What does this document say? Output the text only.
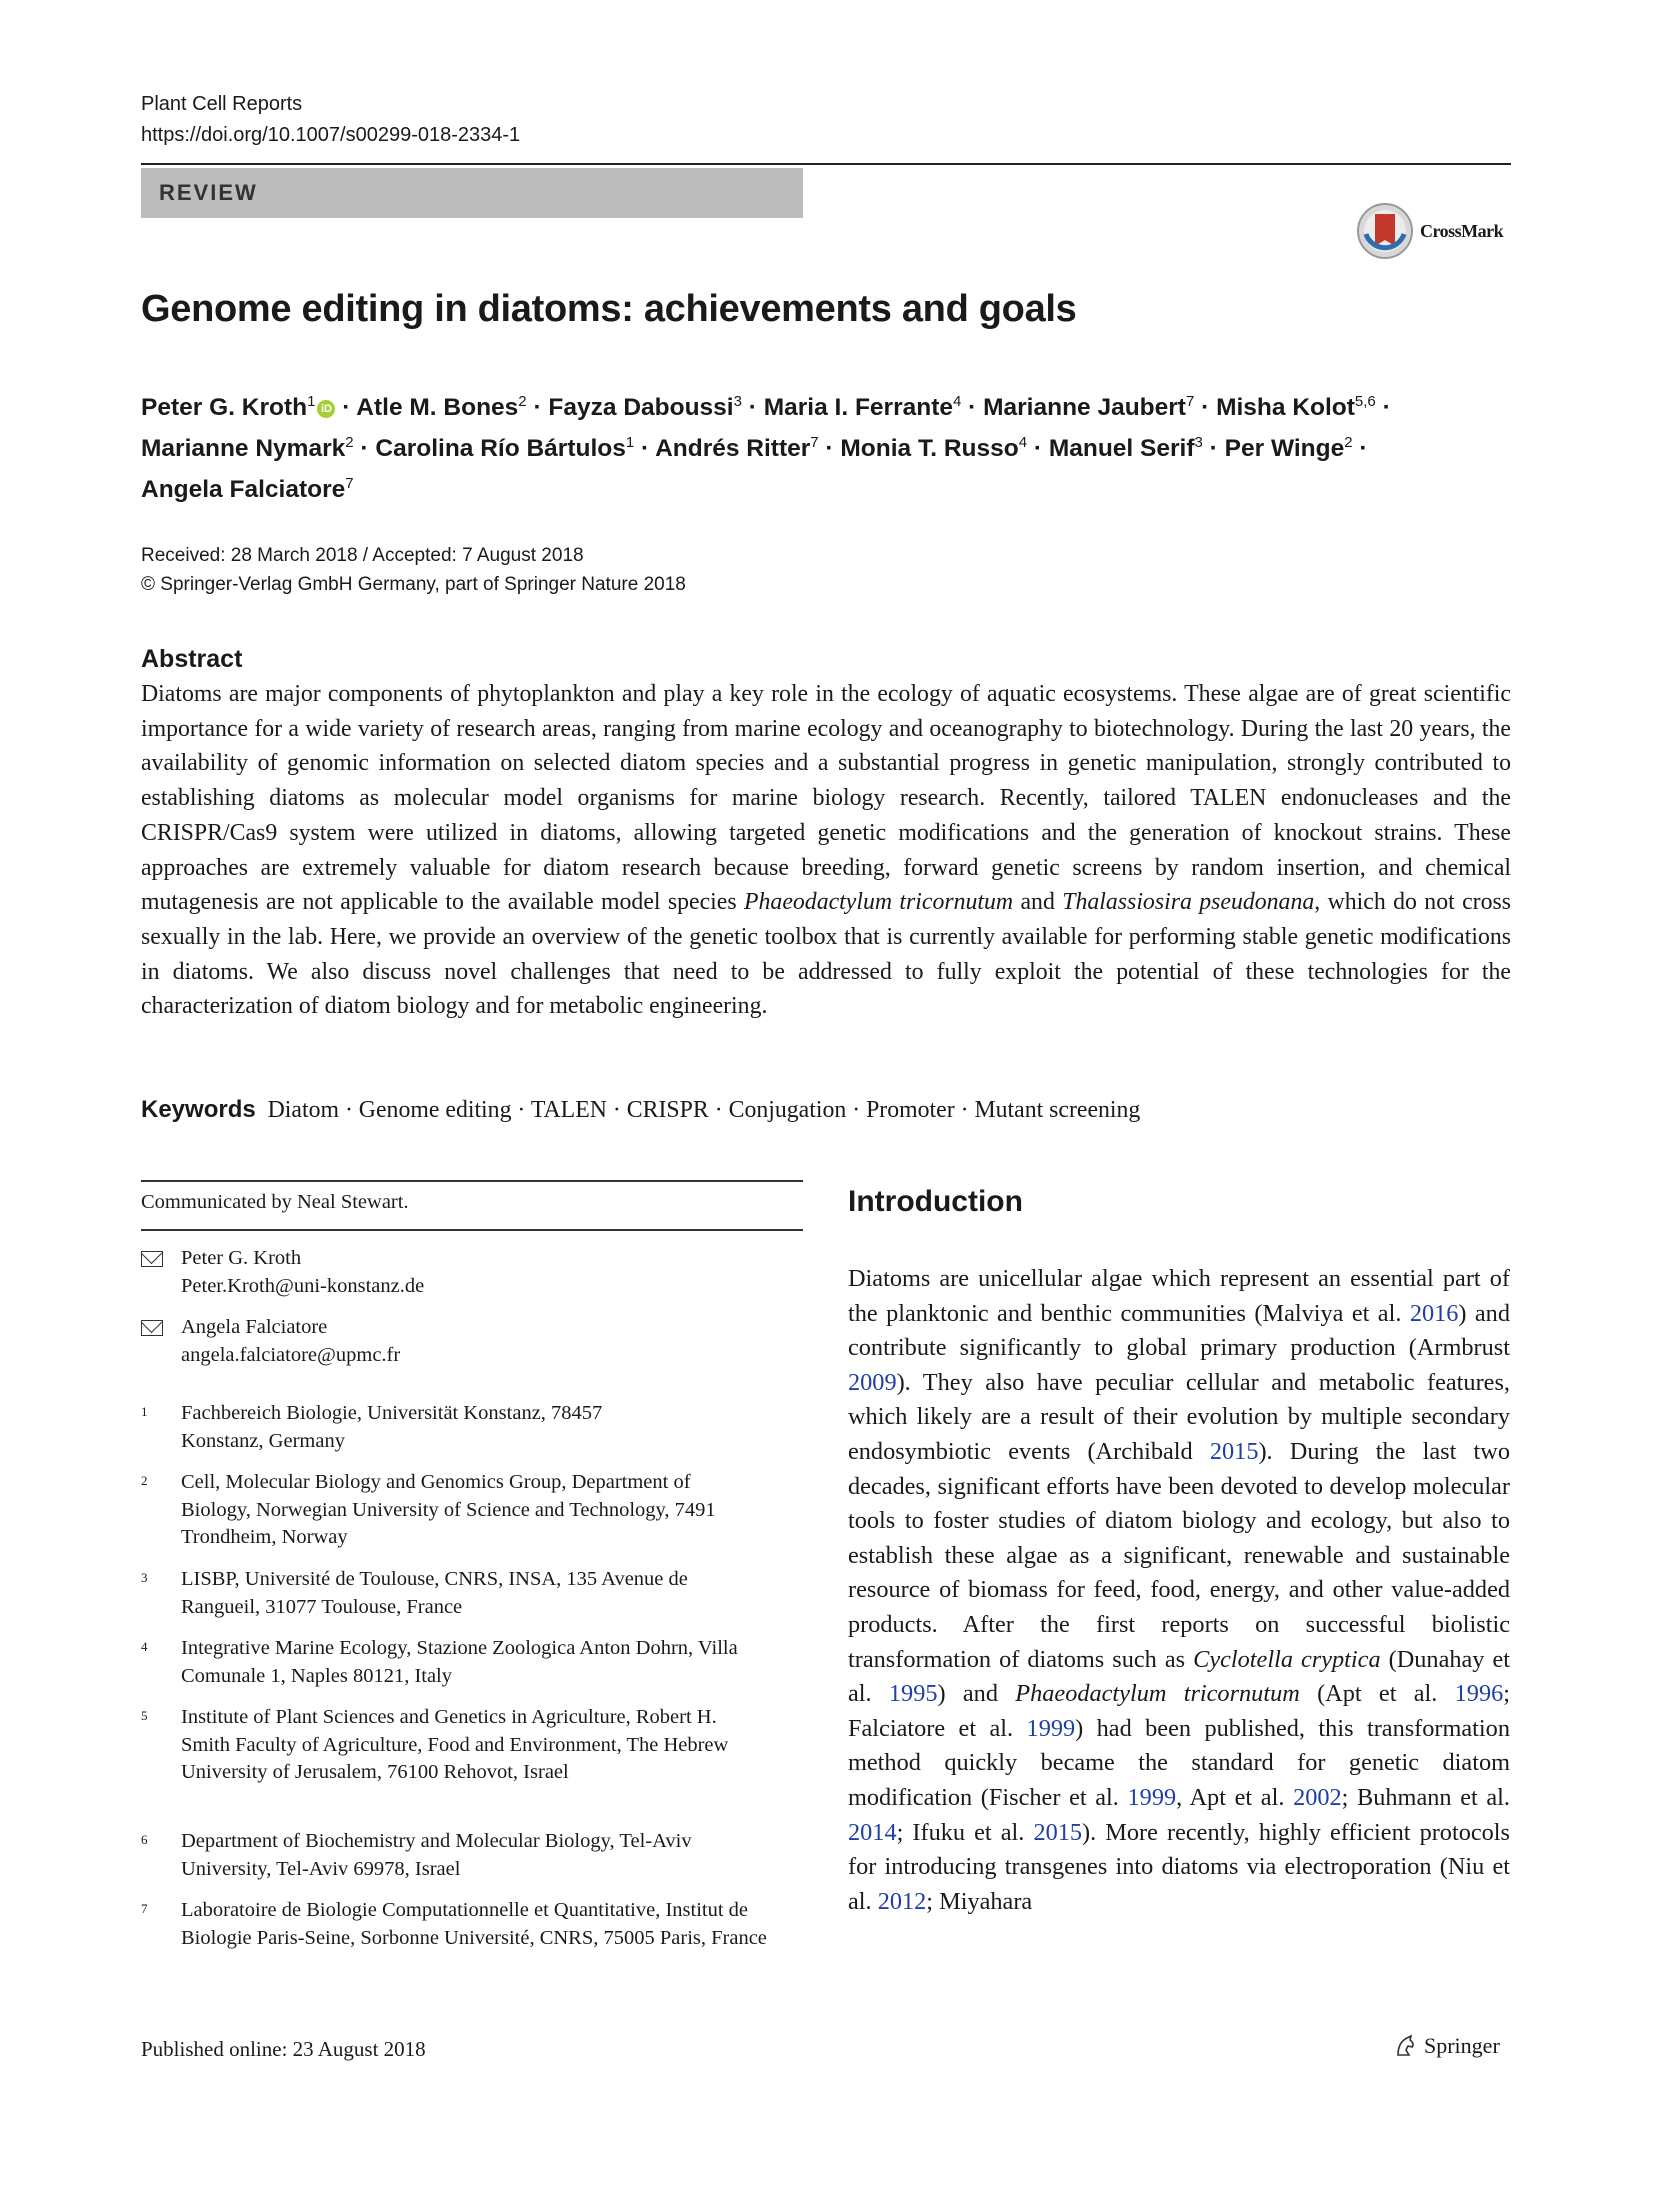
Plant Cell Reports
https://doi.org/10.1007/s00299-018-2334-1
REVIEW
CrossMark
Genome editing in diatoms: achievements and goals
Peter G. Kroth$^1$ iD · Atle M. Bones$^2$ · Fayza Daboussi$^3$ · Maria I. Ferrante$^4$ · Marianne Jaubert$^7$ · Misha Kolot$^{5,6}$ ·
Marianne Nymark$^2$ · Carolina Río Bártulos$^1$ · Andrés Ritter$^7$ · Monia T. Russo$^4$ · Manuel Serif$^3$ · Per Winge$^2$ ·
Angela Falciatore$^7$
Received: 28 March 2018 / Accepted: 7 August 2018
© Springer-Verlag GmbH Germany, part of Springer Nature 2018
Abstract
Diatoms are major components of phytoplankton and play a key role in the ecology of aquatic ecosystems. These algae are of great scientific importance for a wide variety of research areas, ranging from marine ecology and oceanography to biotechnology. During the last 20 years, the availability of genomic information on selected diatom species and a substantial progress in genetic manipulation, strongly contributed to establishing diatoms as molecular model organisms for marine biology research. Recently, tailored TALEN endonucleases and the CRISPR/Cas9 system were utilized in diatoms, allowing targeted genetic modifications and the generation of knockout strains. These approaches are extremely valuable for diatom research because breeding, forward genetic screens by random insertion, and chemical mutagenesis are not applicable to the available model species Phaeodactylum tricornutum and Thalassiosira pseudonana, which do not cross sexually in the lab. Here, we provide an overview of the genetic toolbox that is currently available for performing stable genetic modifications in diatoms. We also discuss novel challenges that need to be addressed to fully exploit the potential of these technologies for the characterization of diatom biology and for metabolic engineering.
Keywords Diatom · Genome editing · TALEN · CRISPR · Conjugation · Promoter · Mutant screening
Communicated by Neal Stewart.
Peter G. Kroth
Peter.Kroth@uni-konstanz.de
Angela Falciatore
angela.falciatore@upmc.fr
1 Fachbereich Biologie, Universität Konstanz, 78457 Konstanz, Germany
2 Cell, Molecular Biology and Genomics Group, Department of Biology, Norwegian University of Science and Technology, 7491 Trondheim, Norway
3 LISBP, Université de Toulouse, CNRS, INSA, 135 Avenue de Rangueil, 31077 Toulouse, France
4 Integrative Marine Ecology, Stazione Zoologica Anton Dohrn, Villa Comunale 1, Naples 80121, Italy
5 Institute of Plant Sciences and Genetics in Agriculture, Robert H. Smith Faculty of Agriculture, Food and Environment, The Hebrew University of Jerusalem, 76100 Rehovot, Israel
6 Department of Biochemistry and Molecular Biology, Tel-Aviv University, Tel-Aviv 69978, Israel
7 Laboratoire de Biologie Computationnelle et Quantitative, Institut de Biologie Paris-Seine, Sorbonne Université, CNRS, 75005 Paris, France
Introduction
Diatoms are unicellular algae which represent an essential part of the planktonic and benthic communities (Malviya et al. 2016) and contribute significantly to global primary production (Armbrust 2009). They also have peculiar cellular and metabolic features, which likely are a result of their evolution by multiple secondary endosymbiotic events (Archibald 2015). During the last two decades, significant efforts have been devoted to develop molecular tools to foster studies of diatom biology and ecology, but also to establish these algae as a significant, renewable and sustainable resource of biomass for feed, food, energy, and other value-added products. After the first reports on successful biolistic transformation of diatoms such as Cyclotella cryptica (Dunahay et al. 1995) and Phaeodactylum tricornutum (Apt et al. 1996; Falciatore et al. 1999) had been published, this transformation method quickly became the standard for genetic diatom modification (Fischer et al. 1999, Apt et al. 2002; Buhmann et al. 2014; Ifuku et al. 2015). More recently, highly efficient protocols for introducing transgenes into diatoms via electroporation (Niu et al. 2012; Miyahara
Published online: 23 August 2018	Springer
